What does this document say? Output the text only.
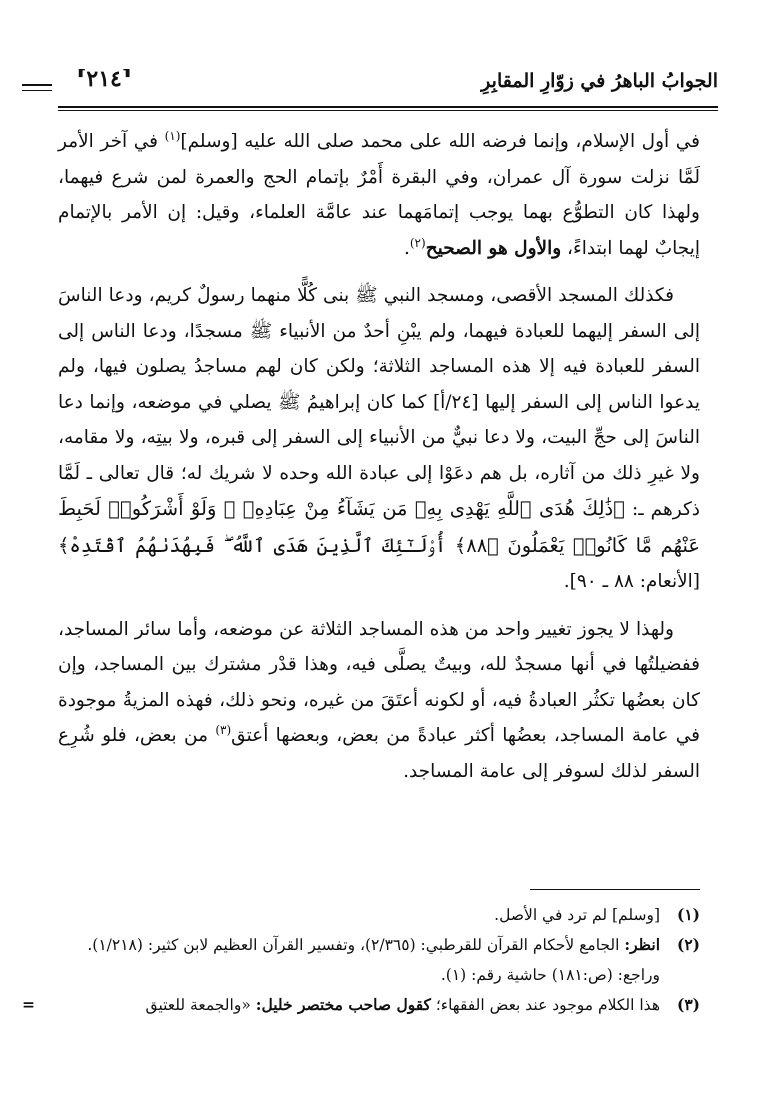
الجوابُ الباهرُ في زوّارِ المقابِرِ
⸢
٢١٤
⸣

في أول الإسلام، وإنما فرضه الله على محمد صلى الله عليه [وسلم]$^{(١)}$ في آخر الأمر لَمَّا نزلت سورة آل عمران، وفي البقرة أَمْرٌ بإتمام الحج والعمرة لمن شرع فيهما، ولهذا كان التطوُّع بهما يوجب إتمامَهما عند عامَّة العلماء، وقيل: إن الأمر بالإتمام إيجابٌ لهما ابتداءً، والأول هو الصحيح$^{(٢)}$.

فكذلك المسجد الأقصى، ومسجد النبي ﷺ بنى كُلًّا منهما رسولٌ كريم، ودعا الناسَ إلى السفر إليهما للعبادة فيهما، ولم يبْنِ أحدٌ من الأنبياء ﷺ مسجدًا، ودعا الناس إلى السفر للعبادة فيه إلا هذه المساجد الثلاثة؛ ولكن كان لهم مساجدُ يصلون فيها، ولم يدعوا الناس إلى السفر إليها [٢٤/أ] كما كان إبراهيمُ ﷺ يصلي في موضعه، وإنما دعا الناسَ إلى حجِّ البيت، ولا دعا نبيٌّ من الأنبياء إلى السفر إلى قبره، ولا بيتِه، ولا مقامه، ولا غيرِ ذلك من آثاره، بل هم دعَوْا إلى عبادة الله وحده لا شريك له؛ قال تعالى ـ لَمَّا ذكرهم ـ: ﴿ذَٰلِكَ هُدَى ٱللَّهِ يَهْدِى بِهِۦ مَن يَشَآءُ مِنْ عِبَادِهِۦ ۚ وَلَوْ أَشْرَكُوا۟ لَحَبِطَ عَنْهُم مَّا كَانُوا۟ يَعْمَلُونَ ﴿٨٨﴾ أُو۟لَـٰٓئِكَ ٱلَّذِينَ هَدَى ٱللَّهُ ۖ فَبِهُدَىٰهُمُ ٱقْتَدِهْ﴾ [الأنعام: ٨٨ ـ ٩٠].

ولهذا لا يجوز تغيير واحد من هذه المساجد الثلاثة عن موضعه، وأما سائر المساجد، ففضيلتُها في أنها مسجدٌ لله، وبيتٌ يصلَّى فيه، وهذا قدْر مشترك بين المساجد، وإن كان بعضُها تكثُر العبادةُ فيه، أو لكونه أعتَقَ من غيره، ونحو ذلك، فهذه المزيةُ موجودة في عامة المساجد، بعضُها أكثر عبادةً من بعض، وبعضها أعتق$^{(٣)}$ من بعض، فلو شُرِع السفر لذلك لسوفر إلى عامة المساجد.

(١)
[وسلم] لم ترد في الأصل.
(٢)
انظر: الجامع لأحكام القرآن للقرطبي: (٢/٣٦٥)، وتفسير القرآن العظيم لابن كثير: (١/٢١٨).
وراجع: (ص:١٨١) حاشية رقم: (١).
(٣)
هذا الكلام موجود عند بعض الفقهاء؛ كقول صاحب مختصر خليل: «والجمعة للعتيق
=
